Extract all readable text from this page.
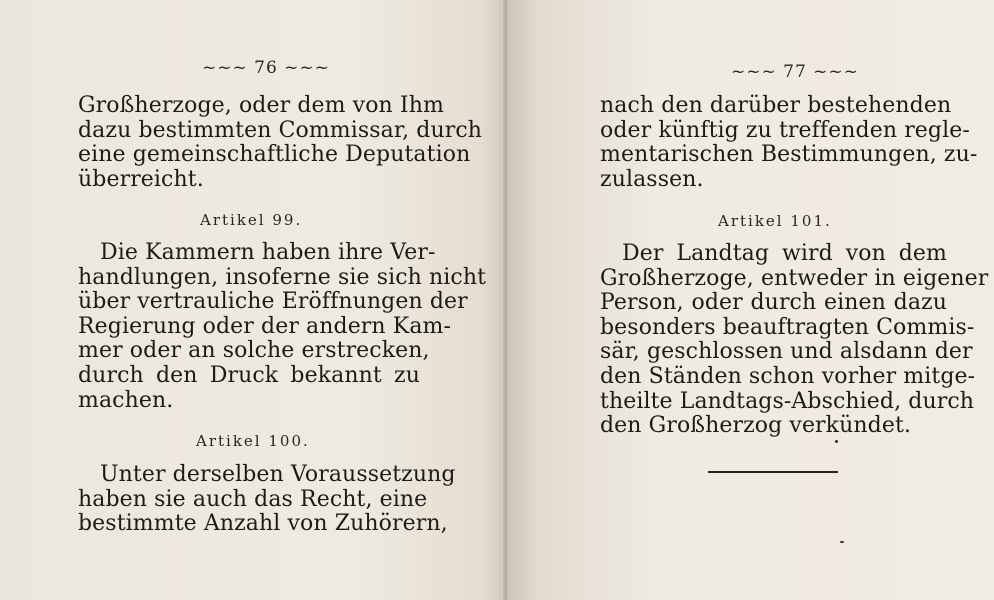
~~~ 76 ~~~
Großherzoge, oder dem von Ihm
dazu bestimmten Commissar, durch
eine gemeinschaftliche Deputation
überreicht.
Artikel 99.
Die Kammern haben ihre Ver-
handlungen, insoferne sie sich nicht
über vertrauliche Eröffnungen der
Regierung oder der andern Kam-
mer oder an solche erstrecken,
durch den Druck bekannt zu
machen.
Artikel 100.
Unter derselben Voraussetzung
haben sie auch das Recht, eine
bestimmte Anzahl von Zuhörern,
~~~ 77 ~~~
nach den darüber bestehenden
oder künftig zu treffenden regle-
mentarischen Bestimmungen, zu-
zulassen.
Artikel 101.
Der Landtag wird von dem
Großherzoge, entweder in eigener
Person, oder durch einen dazu
besonders beauftragten Commis-
sär, geschlossen und alsdann der
den Ständen schon vorher mitge-
theilte Landtags-Abschied, durch
den Großherzog verkündet.
